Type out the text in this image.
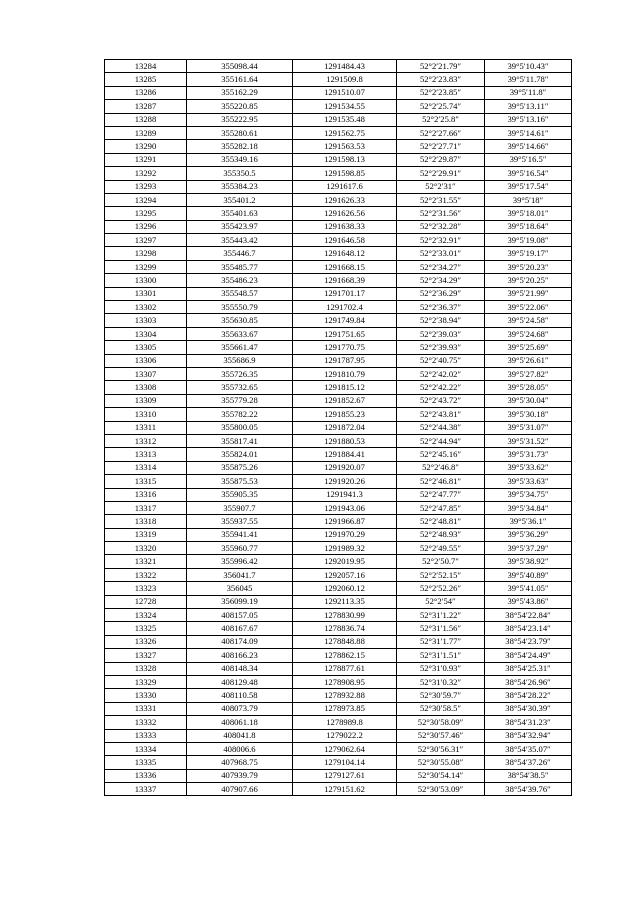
13284	355098.44	1291484.43	52°2′21.79″	39°5′10.43″
13285	355161.64	1291509.8	52°2′23.83″	39°5′11.78″
13286	355162.29	1291510.07	52°2′23.85″	39°5′11.8″
13287	355220.85	1291534.55	52°2′25.74″	39°5′13.11″
13288	355222.95	1291535.48	52°2′25.8″	39°5′13.16″
13289	355280.61	1291562.75	52°2′27.66″	39°5′14.61″
13290	355282.18	1291563.53	52°2′27.71″	39°5′14.66″
13291	355349.16	1291598.13	52°2′29.87″	39°5′16.5″
13292	355350.5	1291598.85	52°2′29.91″	39°5′16.54″
13293	355384.23	1291617.6	52°2′31″	39°5′17.54″
13294	355401.2	1291626.33	52°2′31.55″	39°5′18″
13295	355401.63	1291626.56	52°2′31.56″	39°5′18.01″
13296	355423.97	1291638.33	52°2′32.28″	39°5′18.64″
13297	355443.42	1291646.58	52°2′32.91″	39°5′19.08″
13298	355446.7	1291648.12	52°2′33.01″	39°5′19.17″
13299	355485.77	1291668.15	52°2′34.27″	39°5′20.23″
13300	355486.23	1291668.39	52°2′34.29″	39°5′20.25″
13301	355548.57	1291701.17	52°2′36.29″	39°5′21.99″
13302	355550.79	1291702.4	52°2′36.37″	39°5′22.06″
13303	355630.85	1291749.84	52°2′38.94″	39°5′24.58″
13304	355633.67	1291751.65	52°2′39.03″	39°5′24.68″
13305	355661.47	1291770.75	52°2′39.93″	39°5′25.69″
13306	355686.9	1291787.95	52°2′40.75″	39°5′26.61″
13307	355726.35	1291810.79	52°2′42.02″	39°5′27.82″
13308	355732.65	1291815.12	52°2′42.22″	39°5′28.05″
13309	355779.28	1291852.67	52°2′43.72″	39°5′30.04″
13310	355782.22	1291855.23	52°2′43.81″	39°5′30.18″
13311	355800.05	1291872.04	52°2′44.38″	39°5′31.07″
13312	355817.41	1291880.53	52°2′44.94″	39°5′31.52″
13313	355824.01	1291884.41	52°2′45.16″	39°5′31.73″
13314	355875.26	1291920.07	52°2′46.8″	39°5′33.62″
13315	355875.53	1291920.26	52°2′46.81″	39°5′33.63″
13316	355905.35	1291941.3	52°2′47.77″	39°5′34.75″
13317	355907.7	1291943.06	52°2′47.85″	39°5′34.84″
13318	355937.55	1291966.87	52°2′48.81″	39°5′36.1″
13319	355941.41	1291970.29	52°2′48.93″	39°5′36.29″
13320	355960.77	1291989.32	52°2′49.55″	39°5′37.29″
13321	355996.42	1292019.95	52°2′50.7″	39°5′38.92″
13322	356041.7	1292057.16	52°2′52.15″	39°5′40.89″
13323	356045	1292060.12	52°2′52.26″	39°5′41.05″
12728	356099.19	1292113.35	52°2′54″	39°5′43.86″
13324	408157.05	1278830.99	52°31′1.22″	38°54′22.84″
13325	408167.67	1278836.74	52°31′1.56″	38°54′23.14″
13326	408174.09	1278848.88	52°31′1.77″	38°54′23.79″
13327	408166.23	1278862.15	52°31′1.51″	38°54′24.49″
13328	408148.34	1278877.61	52°31′0.93″	38°54′25.31″
13329	408129.48	1278908.95	52°31′0.32″	38°54′26.96″
13330	408110.58	1278932.88	52°30′59.7″	38°54′28.22″
13331	408073.79	1278973.85	52°30′58.5″	38°54′30.39″
13332	408061.18	1278989.8	52°30′58.09″	38°54′31.23″
13333	408041.8	1279022.2	52°30′57.46″	38°54′32.94″
13334	408006.6	1279062.64	52°30′56.31″	38°54′35.07″
13335	407968.75	1279104.14	52°30′55.08″	38°54′37.26″
13336	407939.79	1279127.61	52°30′54.14″	38°54′38.5″
13337	407907.66	1279151.62	52°30′53.09″	38°54′39.76″
